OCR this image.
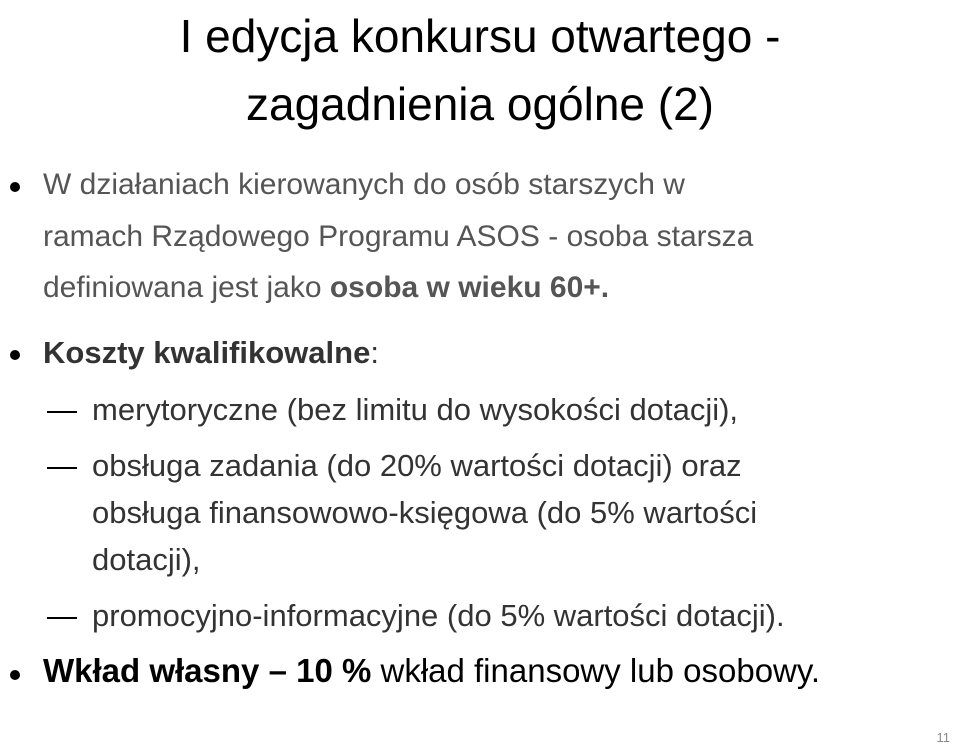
I edycja konkursu otwartego -
zagadnienia ogólne (2)
W działaniach kierowanych do osób starszych w
ramach Rządowego Programu ASOS - osoba starsza
definiowana jest jako osoba w wieku 60+.
Koszty kwalifikowalne:
merytoryczne (bez limitu do wysokości dotacji),
obsługa zadania (do 20% wartości dotacji) oraz
obsługa finansowowo-księgowa (do 5% wartości
dotacji),
promocyjno-informacyjne (do 5% wartości dotacji).
Wkład własny – 10 % wkład finansowy lub osobowy.
11
